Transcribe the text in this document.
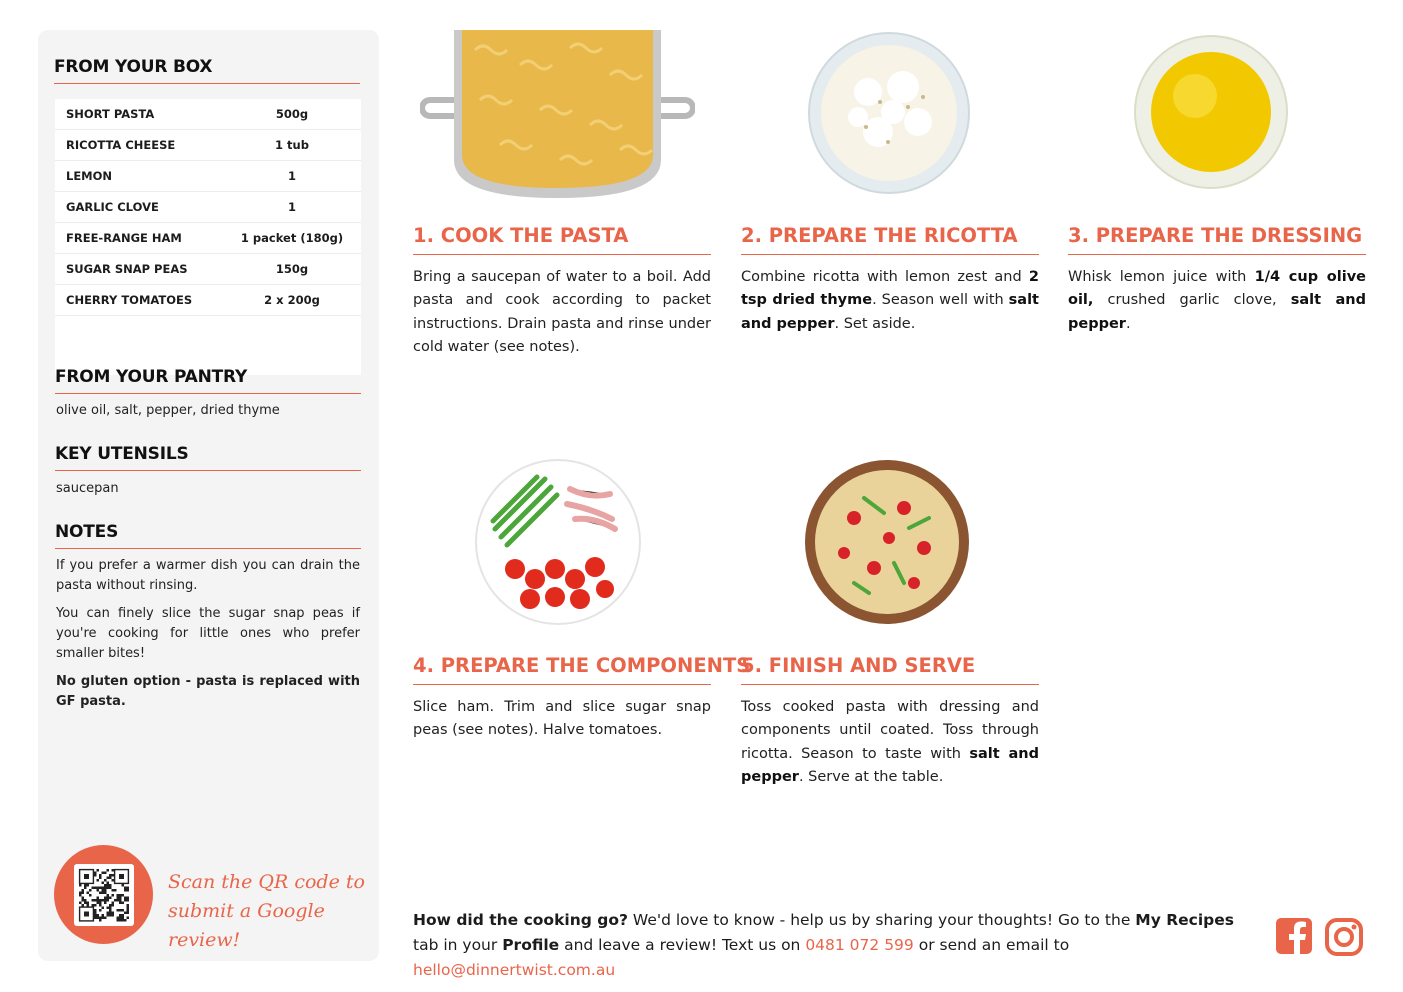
FROM YOUR BOX
SHORT PASTA	500g
RICOTTA CHEESE	1 tub
LEMON	1
GARLIC CLOVE	1
FREE-RANGE HAM	1 packet (180g)
SUGAR SNAP PEAS	150g
CHERRY TOMATOES	2 x 200g
FROM YOUR PANTRY
olive oil, salt, pepper, dried thyme
KEY UTENSILS
saucepan
NOTES

If you prefer a warmer dish you can drain the pasta without rinsing.

You can finely slice the sugar snap peas if you're cooking for little ones who prefer smaller bites!

No gluten option - pasta is replaced with GF pasta.

Scan the QR code to
submit a Google review!
1. COOK THE PASTA

Bring a saucepan of water to a boil. Add pasta and cook according to packet instructions. Drain pasta and rinse under cold water (see notes).

2. PREPARE THE RICOTTA

Combine ricotta with lemon zest and 2 tsp dried thyme. Season well with salt and pepper. Set aside.

3. PREPARE THE DRESSING

Whisk lemon juice with 1/4 cup olive oil, crushed garlic clove, salt and pepper.

4. PREPARE THE COMPONENTS

Slice ham. Trim and slice sugar snap peas (see notes). Halve tomatoes.

5. FINISH AND SERVE

Toss cooked pasta with dressing and components until coated. Toss through ricotta. Season to taste with salt and pepper. Serve at the table.

How did the cooking go? We'd love to know - help us by sharing your thoughts! Go to the My Recipes tab in your Profile and leave a review! Text us on 0481 072 599 or send an email to hello@dinnertwist.com.au
